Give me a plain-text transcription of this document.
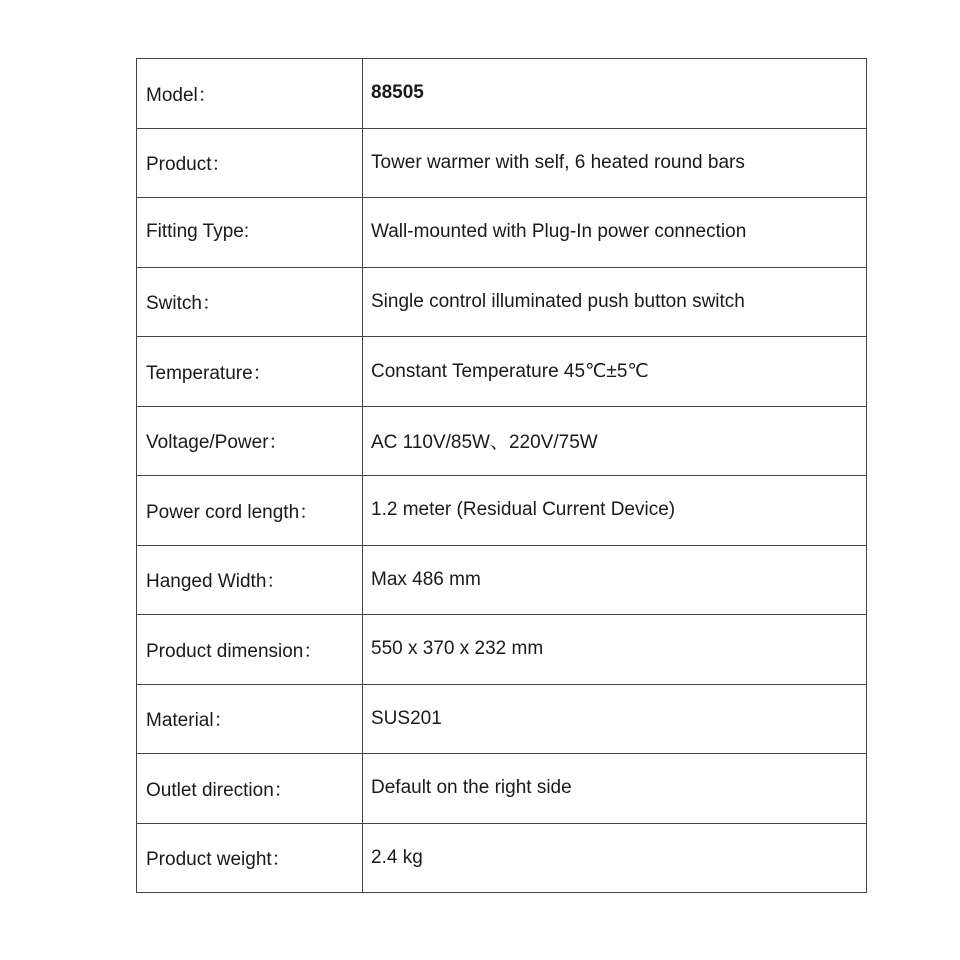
Model：	88505
Product：	Tower warmer with self, 6 heated round bars
Fitting Type:	Wall-mounted with Plug-In power connection
Switch：	Single control illuminated push button switch
Temperature：	Constant Temperature 45℃±5℃
Voltage/Power：	AC 110V/85W、220V/75W
Power cord length：	1.2 meter (Residual Current Device)
Hanged Width：	Max 486 mm
Product dimension：	550 x 370 x 232 mm
Material：	SUS201
Outlet direction：	Default on the right side
Product weight：	2.4 kg
